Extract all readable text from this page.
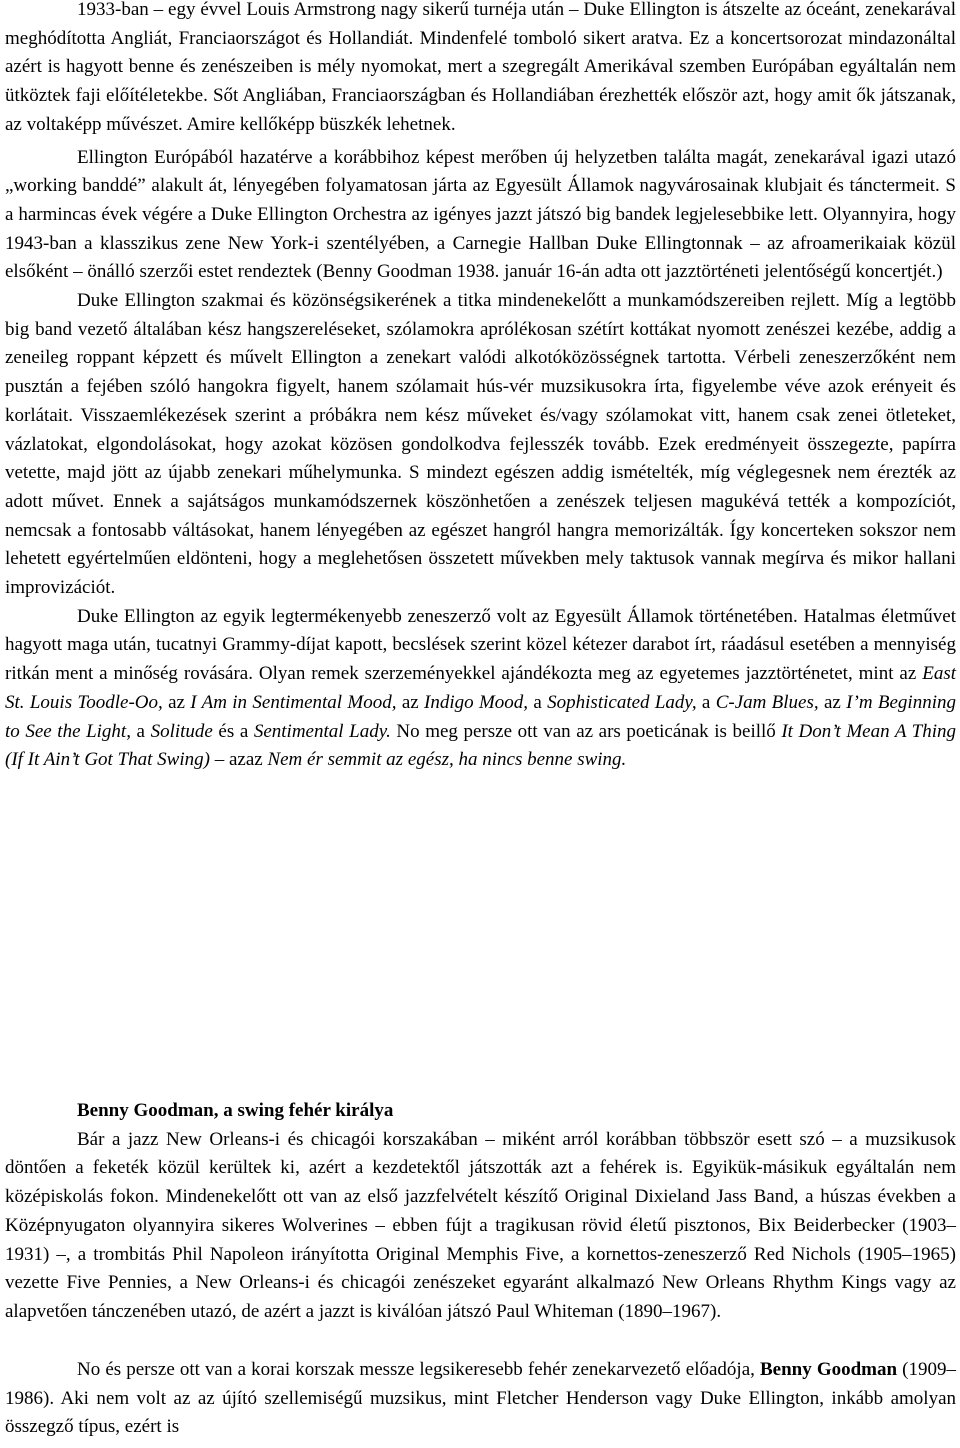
1933-ban – egy évvel Louis Armstrong nagy sikerű turnéja után – Duke Ellington is átszelte az óceánt, zenekarával meghódította Angliát, Franciaországot és Hollandiát. Mindenfelé tomboló sikert aratva. Ez a koncertsorozat mindazonáltal azért is hagyott benne és zenészeiben is mély nyomokat, mert a szegregált Amerikával szemben Európában egyáltalán nem ütköztek faji előítéletekbe. Sőt Angliában, Franciaországban és Hollandiában érezhették először azt, hogy amit ők játszanak, az voltaképp művészet. Amire kellőképp büszkék lehetnek.

Ellington Európából hazatérve a korábbihoz képest merőben új helyzetben találta magát, zenekarával igazi utazó „working banddé” alakult át, lényegében folyamatosan járta az Egyesült Államok nagyvárosainak klubjait és tánctermeit. S a harmincas évek végére a Duke Ellington Orchestra az igényes jazzt játszó big bandek legjelesebbike lett. Olyannyira, hogy 1943-ban a klasszikus zene New York-i szentélyében, a Carnegie Hallban Duke Ellingtonnak – az afroamerikaiak közül elsőként – önálló szerzői estet rendeztek (Benny Goodman 1938. január 16-án adta ott jazztörténeti jelentőségű koncertjét.)

Duke Ellington szakmai és közönségsikerének a titka mindenekelőtt a munkamódszereiben rejlett. Míg a legtöbb big band vezető általában kész hangszereléseket, szólamokra aprólékosan szétírt kottákat nyomott zenészei kezébe, addig a zeneileg roppant képzett és művelt Ellington a zenekart valódi alkotóközösségnek tartotta. Vérbeli zeneszerzőként nem pusztán a fejében szóló hangokra figyelt, hanem szólamait hús-vér muzsikusokra írta, figyelembe véve azok erényeit és korlátait. Visszaemlékezések szerint a próbákra nem kész műveket és/vagy szólamokat vitt, hanem csak zenei ötleteket, vázlatokat, elgondolásokat, hogy azokat közösen gondolkodva fejlesszék tovább. Ezek eredményeit összegezte, papírra vetette, majd jött az újabb zenekari műhelymunka. S mindezt egészen addig ismételték, míg véglegesnek nem érezték az adott művet. Ennek a sajátságos munkamódszernek köszönhetően a zenészek teljesen magukévá tették a kompozíciót, nemcsak a fontosabb váltásokat, hanem lényegében az egészet hangról hangra memorizálták. Így koncerteken sokszor nem lehetett egyértelműen eldönteni, hogy a meglehetősen összetett művekben mely taktusok vannak megírva és mikor hallani improvizációt.

Duke Ellington az egyik legtermékenyebb zeneszerző volt az Egyesült Államok történetében. Hatalmas életművet hagyott maga után, tucatnyi Grammy-díjat kapott, becslések szerint közel kétezer darabot írt, ráadásul esetében a mennyiség ritkán ment a minőség rovására. Olyan remek szerzeményekkel ajándékozta meg az egyetemes jazztörténetet, mint az East St. Louis Toodle-Oo, az I Am in Sentimental Mood, az Indigo Mood, a Sophisticated Lady, a C-Jam Blues, az I’m Beginning to See the Light, a Solitude és a Sentimental Lady. No meg persze ott van az ars poeticának is beillő It Don’t Mean A Thing (If It Ain’t Got That Swing) – azaz Nem ér semmit az egész, ha nincs benne swing.

Benny Goodman, a swing fehér királya

Bár a jazz New Orleans-i és chicagói korszakában – miként arról korábban többször esett szó – a muzsikusok döntően a feketék közül kerültek ki, azért a kezdetektől játszották azt a fehérek is. Egyikük-másikuk egyáltalán nem középiskolás fokon. Mindenekelőtt ott van az első jazzfelvételt készítő Original Dixieland Jass Band, a húszas években a Középnyugaton olyannyira sikeres Wolverines – ebben fújt a tragikusan rövid életű pisztonos, Bix Beiderbecker (1903–1931) –, a trombitás Phil Napoleon irányította Original Memphis Five, a kornettos-zeneszerző Red Nichols (1905–1965) vezette Five Pennies, a New Orleans-i és chicagói zenészeket egyaránt alkalmazó New Orleans Rhythm Kings vagy az alapvetően tánczenében utazó, de azért a jazzt is kiválóan játszó Paul Whiteman (1890–1967).

No és persze ott van a korai korszak messze legsikeresebb fehér zenekarvezető előadója, Benny Goodman (1909–1986). Aki nem volt az az újító szellemiségű muzsikus, mint Fletcher Henderson vagy Duke Ellington, inkább amolyan összegző típus, ezért is
